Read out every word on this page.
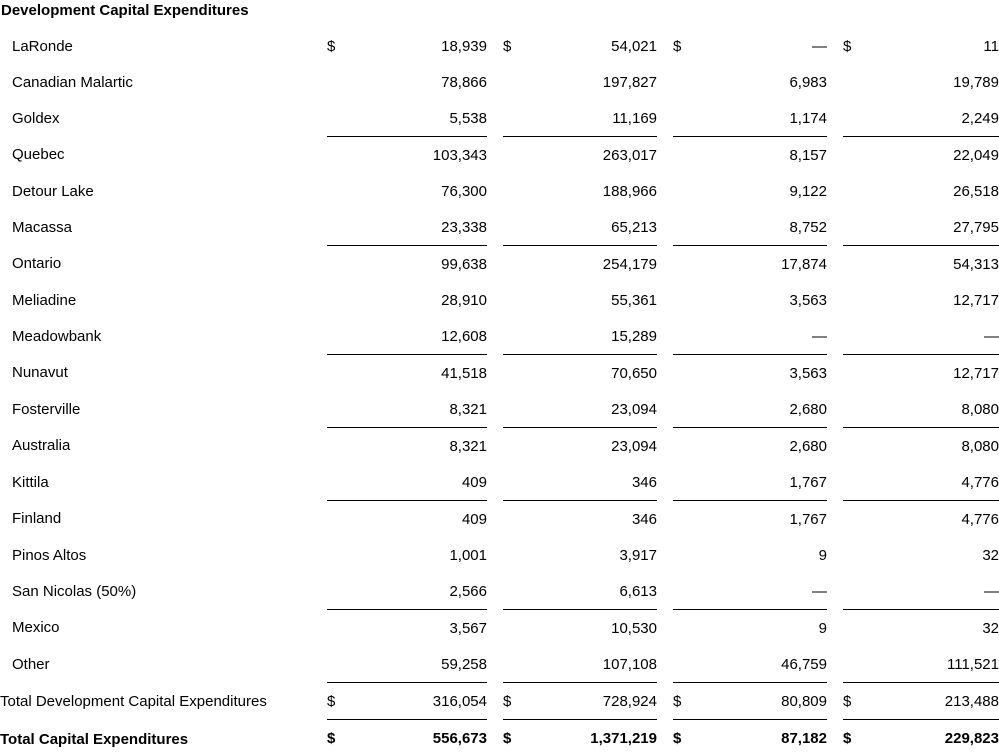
Development Capital Expenditures
LaRonde	$	18,939		$	54,021		$	—		$	11
Canadian Malartic		78,866			197,827			6,983			19,789
Goldex		5,538			11,169			1,174			2,249
Quebec		103,343			263,017			8,157			22,049
Detour Lake		76,300			188,966			9,122			26,518
Macassa		23,338			65,213			8,752			27,795
Ontario		99,638			254,179			17,874			54,313
Meliadine		28,910			55,361			3,563			12,717
Meadowbank		12,608			15,289			—			—
Nunavut		41,518			70,650			3,563			12,717
Fosterville		8,321			23,094			2,680			8,080
Australia		8,321			23,094			2,680			8,080
Kittila		409			346			1,767			4,776
Finland		409			346			1,767			4,776
Pinos Altos		1,001			3,917			9			32
San Nicolas (50%)		2,566			6,613			—			—
Mexico		3,567			10,530			9			32
Other		59,258			107,108			46,759			111,521
Total Development Capital Expenditures	$	316,054		$	728,924		$	80,809		$	213,488
Total Capital Expenditures	$	556,673		$	1,371,219		$	87,182		$	229,823
